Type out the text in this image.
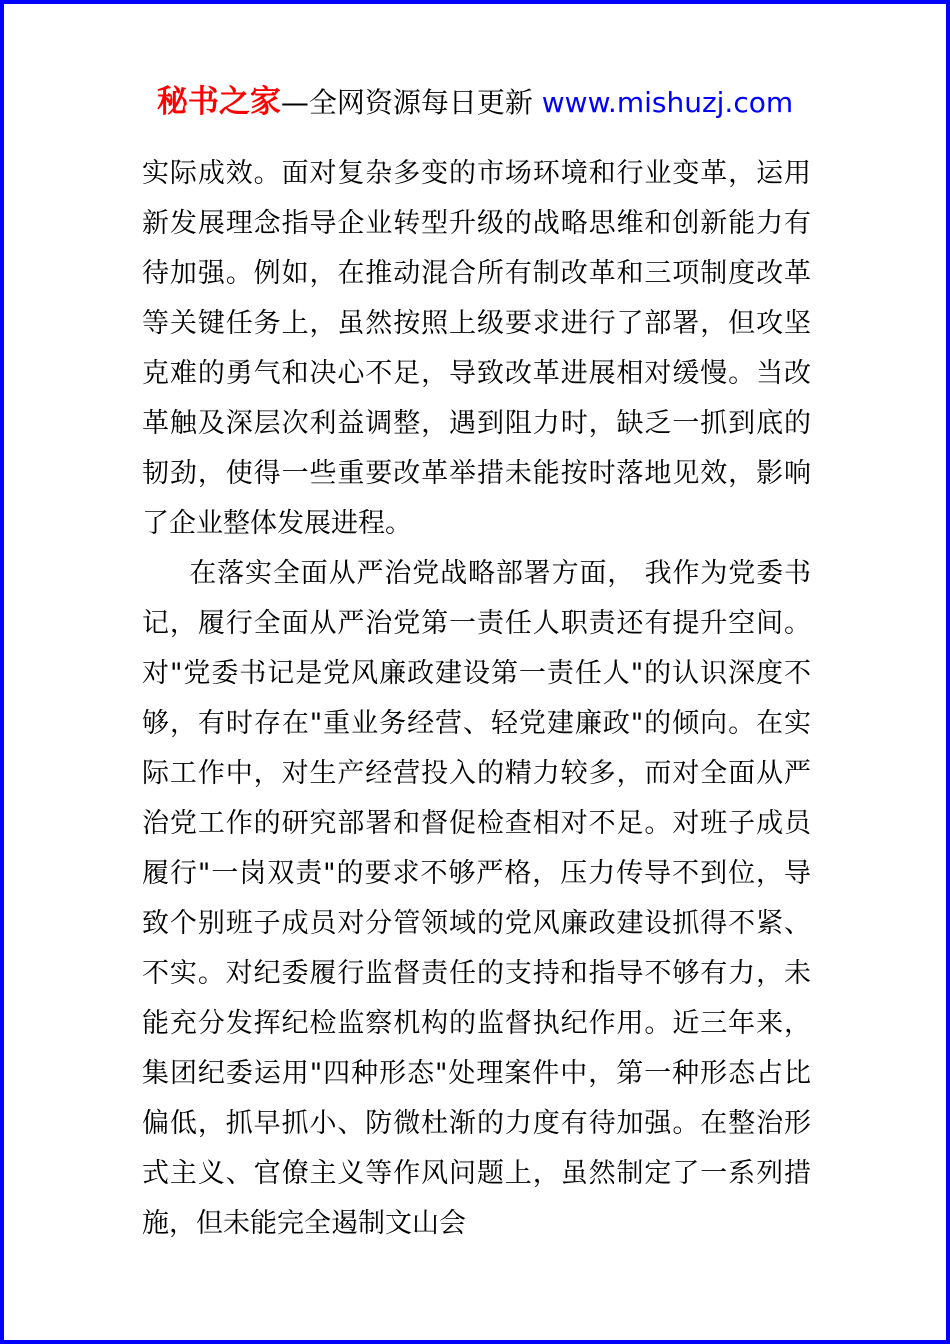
秘书之家—全网资源每日更新 www.mishuzj.com

实际成效。面对复杂多变的市场环境和行业变革，运用新发展理念指导企业转型升级的战略思维和创新能力有待加强。例如，在推动混合所有制改革和三项制度改革等关键任务上，虽然按照上级要求进行了部署，但攻坚克难的勇气和决心不足，导致改革进展相对缓慢。当改革触及深层次利益调整，遇到阻力时，缺乏一抓到底的韧劲，使得一些重要改革举措未能按时落地见效，影响了企业整体发展进程。

在落实全面从严治党战略部署方面， 我作为党委书记，履行全面从严治党第一责任人职责还有提升空间。对"党委书记是党风廉政建设第一责任人"的认识深度不够，有时存在"重业务经营、轻党建廉政"的倾向。在实际工作中，对生产经营投入的精力较多，而对全面从严治党工作的研究部署和督促检查相对不足。对班子成员履行"一岗双责"的要求不够严格，压力传导不到位，导致个别班子成员对分管领域的党风廉政建设抓得不紧、不实。对纪委履行监督责任的支持和指导不够有力，未能充分发挥纪检监察机构的监督执纪作用。近三年来，集团纪委运用"四种形态"处理案件中，第一种形态占比偏低，抓早抓小、防微杜渐的力度有待加强。在整治形式主义、官僚主义等作风问题上，虽然制定了一系列措施，但未能完全遏制文山会
